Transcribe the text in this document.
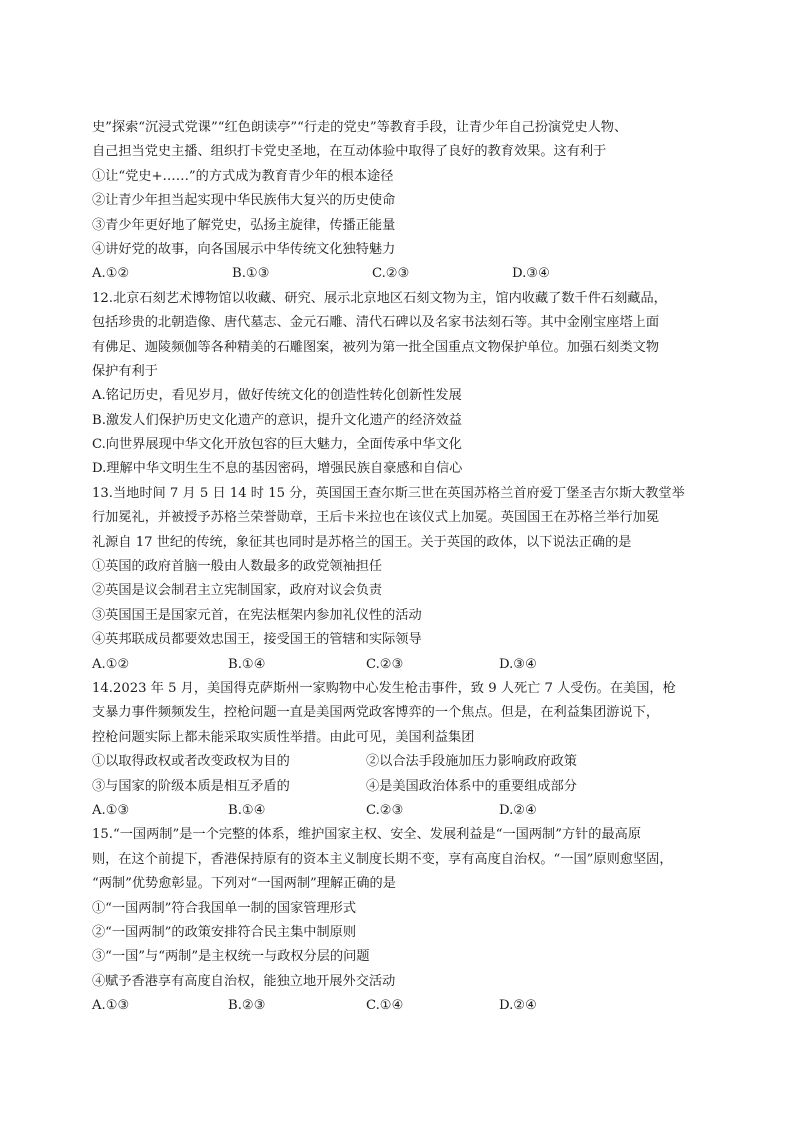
史”探索“沉浸式党课”“红色朗读亭”“行走的党史”等教育手段，让青少年自己扮演党史人物、
自己担当党史主播、组织打卡党史圣地，在互动体验中取得了良好的教育效果。这有利于
①让“党史+……”的方式成为教育青少年的根本途径
②让青少年担当起实现中华民族伟大复兴的历史使命
③青少年更好地了解党史，弘扬主旋律，传播正能量
④讲好党的故事，向各国展示中华传统文化独特魅力
A.①②	B.①③	C.②③	D.③④
12.北京石刻艺术博物馆以收藏、研究、展示北京地区石刻文物为主，馆内收藏了数千件石刻藏品，
包括珍贵的北朝造像、唐代墓志、金元石雕、清代石碑以及名家书法刻石等。其中金刚宝座塔上面
有佛足、迦陵频伽等各种精美的石雕图案，被列为第一批全国重点文物保护单位。加强石刻类文物
保护有利于
A.铭记历史，看见岁月，做好传统文化的创造性转化创新性发展
B.激发人们保护历史文化遗产的意识，提升文化遗产的经济效益
C.向世界展现中华文化开放包容的巨大魅力，全面传承中华文化
D.理解中华文明生生不息的基因密码，增强民族自豪感和自信心
13.当地时间 7 月 5 日 14 时 15 分，英国国王查尔斯三世在英国苏格兰首府爱丁堡圣吉尔斯大教堂举
行加冕礼，并被授予苏格兰荣誉勋章，王后卡米拉也在该仪式上加冕。英国国王在苏格兰举行加冕
礼源自 17 世纪的传统，象征其也同时是苏格兰的国王。关于英国的政体，以下说法正确的是
①英国的政府首脑一般由人数最多的政党领袖担任
②英国是议会制君主立宪制国家，政府对议会负责
③英国国王是国家元首，在宪法框架内参加礼仪性的活动
④英邦联成员都要效忠国王，接受国王的管辖和实际领导
A.①②	B.①④	C.②③	D.③④
14.2023 年 5 月，美国得克萨斯州一家购物中心发生枪击事件，致 9 人死亡 7 人受伤。在美国，枪
支暴力事件频频发生，控枪问题一直是美国两党政客博弈的一个焦点。但是，在利益集团游说下，
控枪问题实际上都未能采取实质性举措。由此可见，美国利益集团
①以取得政权或者改变政权为目的	②以合法手段施加压力影响政府政策
③与国家的阶级本质是相互矛盾的	④是美国政治体系中的重要组成部分
A.①③	B.①④	C.②③	D.②④
15.“一国两制”是一个完整的体系，维护国家主权、安全、发展利益是“一国两制”方针的最高原
则，在这个前提下，香港保持原有的资本主义制度长期不变，享有高度自治权。“一国”原则愈坚固，
“两制”优势愈彰显。下列对“一国两制”理解正确的是
①“一国两制”符合我国单一制的国家管理形式
②“一国两制”的政策安排符合民主集中制原则
③“一国”与“两制”是主权统一与政权分层的问题
④赋予香港享有高度自治权，能独立地开展外交活动
A.①③	B.②③	C.①④	D.②④
